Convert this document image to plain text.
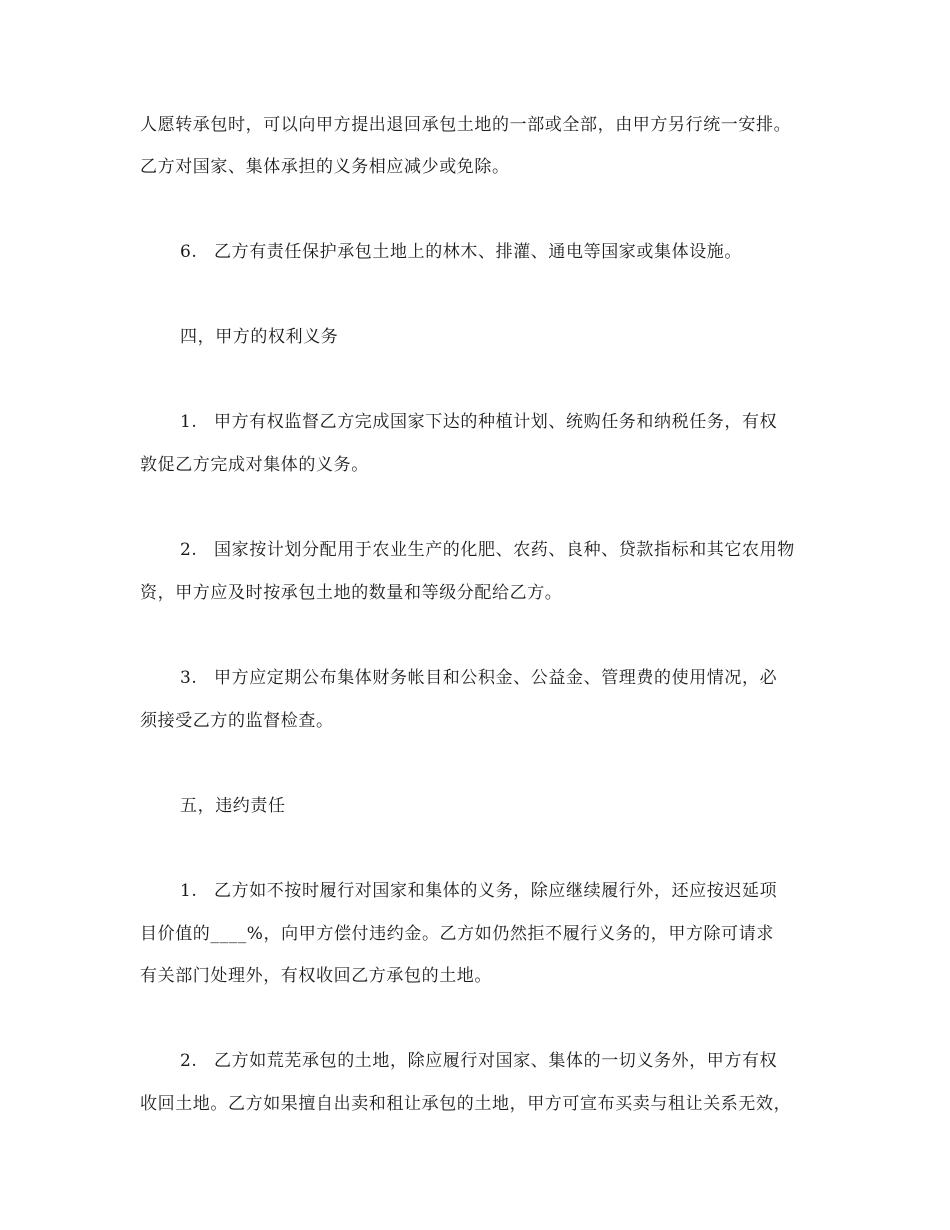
人愿转承包时，可以向甲方提出退回承包土地的一部或全部，由甲方另行统一安排。
乙方对国家、集体承担的义务相应减少或免除。
6. 乙方有责任保护承包土地上的林木、排灌、通电等国家或集体设施。
四，甲方的权利义务
1. 甲方有权监督乙方完成国家下达的种植计划、统购任务和纳税任务，有权
敦促乙方完成对集体的义务。
2. 国家按计划分配用于农业生产的化肥、农药、良种、贷款指标和其它农用物
资，甲方应及时按承包土地的数量和等级分配给乙方。
3. 甲方应定期公布集体财务帐目和公积金、公益金、管理费的使用情况，必
须接受乙方的监督检查。
五，违约责任
1. 乙方如不按时履行对国家和集体的义务，除应继续履行外，还应按迟延项
目价值的____%，向甲方偿付违约金。乙方如仍然拒不履行义务的，甲方除可请求
有关部门处理外，有权收回乙方承包的土地。
2. 乙方如荒芜承包的土地，除应履行对国家、集体的一切义务外，甲方有权
收回土地。乙方如果擅自出卖和租让承包的土地，甲方可宣布买卖与租让关系无效，
